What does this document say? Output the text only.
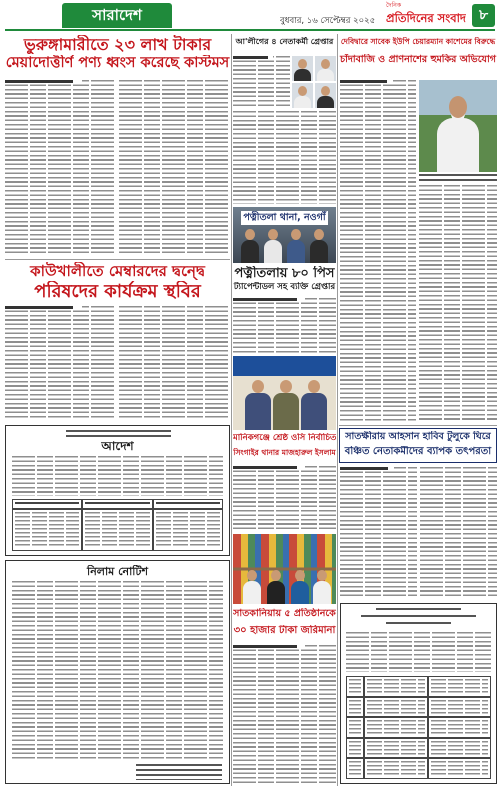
সারাদেশ	বুধবার, ১৬ সেপ্টেম্বর ২০২৫
দৈনিক
প্রতিদিনের সংবাদ ৮
ভুরুঙ্গামারীতে ২৩ লাখ টাকার
মেয়াদোত্তীর্ণ পণ্য ধ্বংস করেছে কাস্টমস
কাউখালীতে মেম্বারদের দ্বন্দ্বে
পরিষদের কার্যক্রম স্থবির
আদেশ
নিলাম নোটিশ
আ'লীগের ৪ নেতাকর্মী গ্রেপ্তার
পত্নীতলা থানা, নওগাঁ
পত্নীতলায় ৮০ পিস
ট্যাপেন্টাডল সহ ব্যক্তি গ্রেপ্তার
মানিকগঞ্জে শ্রেষ্ঠ ওসি নির্বাচিত
সিংগাইর থানার মাজহারুল ইসলাম
সাতকানিয়ায় ৫ প্রতিষ্ঠানকে
৩০ হাজার টাকা জরিমানা
দেবিদ্বারে সাবেক ইউপি চেয়ারম্যান কাশেমের বিরুদ্ধে
চাঁদাবাজি ও প্রাণনাশের হুমকির অভিযোগ
সাতক্ষীরায় আহসান হাবিব টুলুকে ঘিরে
বঞ্চিত নেতাকর্মীদের ব্যাপক তৎপরতা
